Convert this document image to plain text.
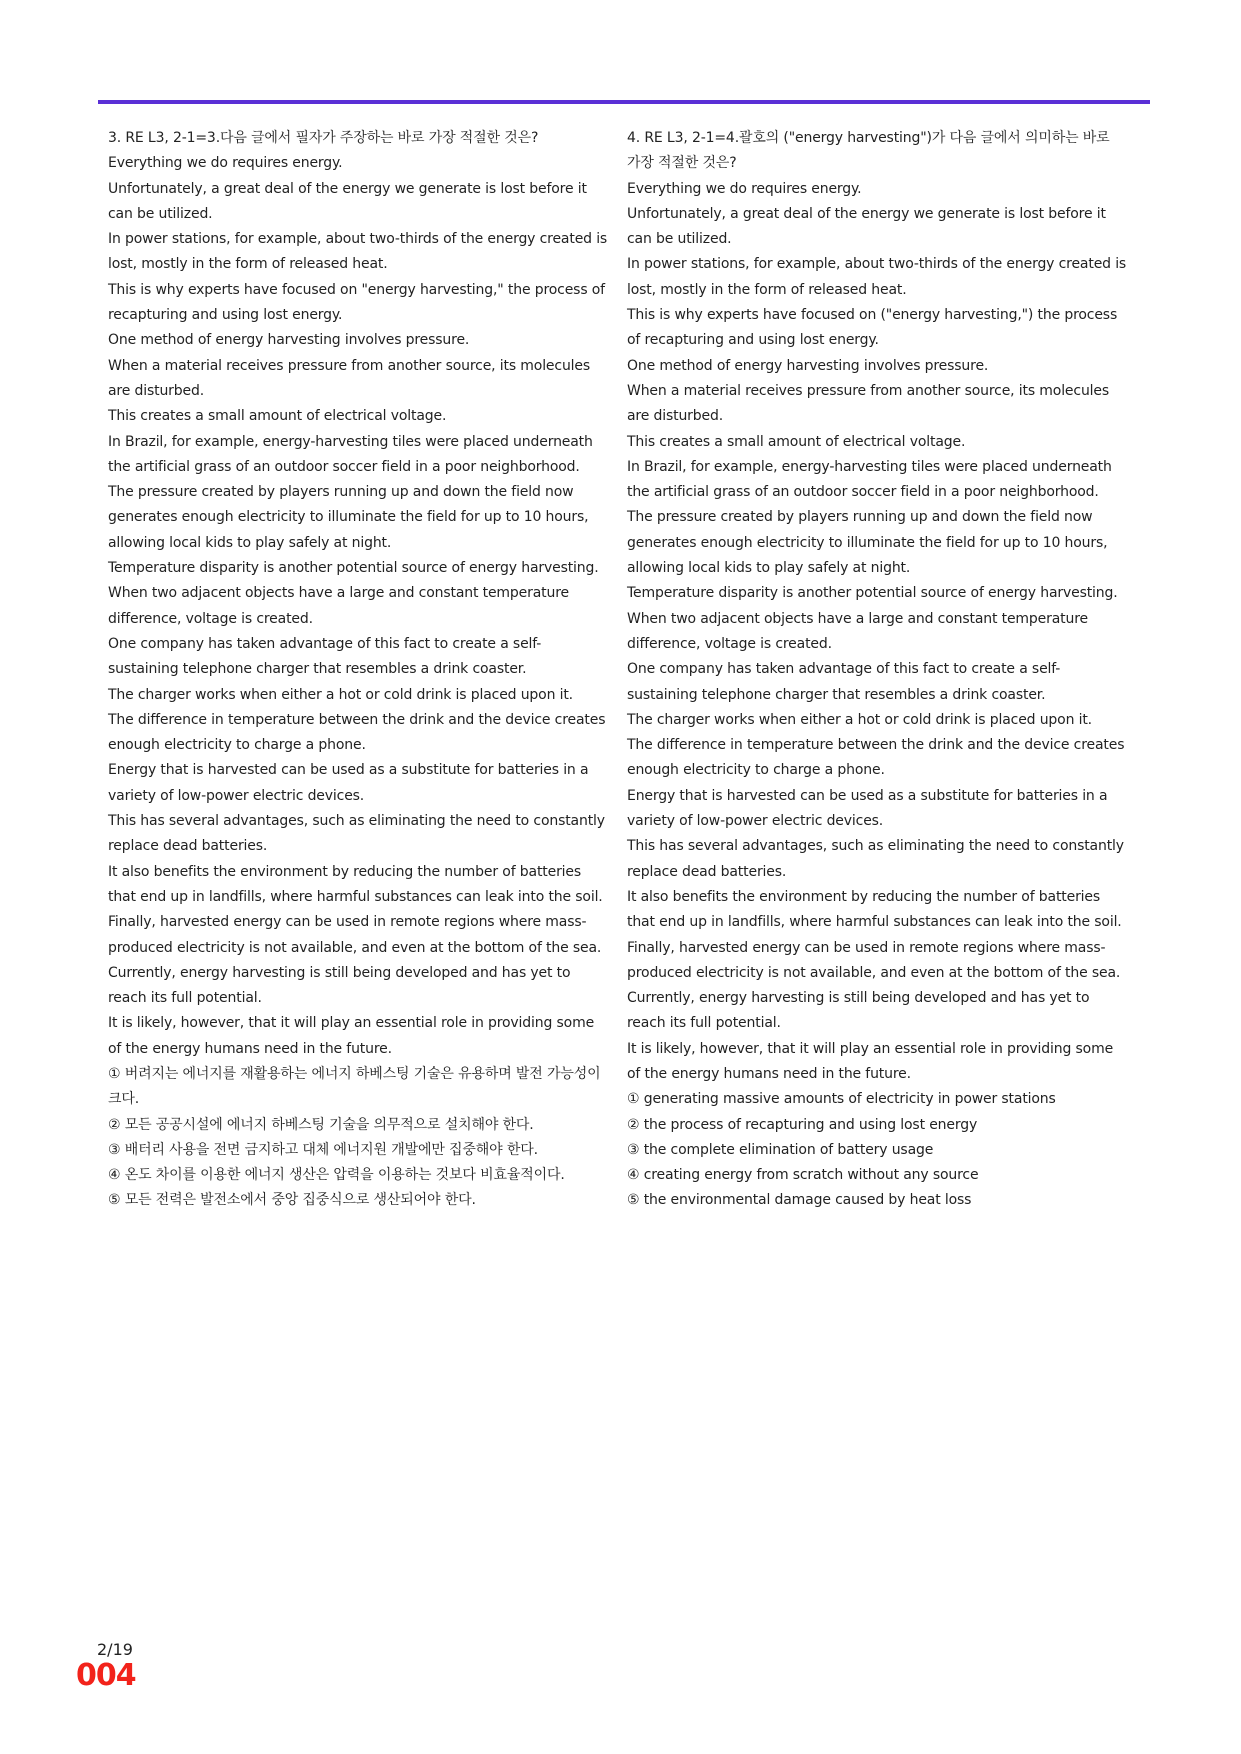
3. RE L3, 2-1=3.다음 글에서 필자가 주장하는 바로 가장 적절한 것은?

Everything we do requires energy.

Unfortunately, a great deal of the energy we generate is lost before it can be utilized.

In power stations, for example, about two-thirds of the energy created is lost, mostly in the form of released heat.

This is why experts have focused on "energy harvesting," the process of recapturing and using lost energy.

One method of energy harvesting involves pressure.

When a material receives pressure from another source, its molecules are disturbed.

This creates a small amount of electrical voltage.

In Brazil, for example, energy-harvesting tiles were placed underneath the artificial grass of an outdoor soccer field in a poor neighborhood.

The pressure created by players running up and down the field now generates enough electricity to illuminate the field for up to 10 hours, allowing local kids to play safely at night.

Temperature disparity is another potential source of energy harvesting.

When two adjacent objects have a large and constant temperature difference, voltage is created.

One company has taken advantage of this fact to create a self-sustaining telephone charger that resembles a drink coaster.

The charger works when either a hot or cold drink is placed upon it.

The difference in temperature between the drink and the device creates enough electricity to charge a phone.

Energy that is harvested can be used as a substitute for batteries in a variety of low-power electric devices.

This has several advantages, such as eliminating the need to constantly replace dead batteries.

It also benefits the environment by reducing the number of batteries that end up in landfills, where harmful substances can leak into the soil.

Finally, harvested energy can be used in remote regions where mass-produced electricity is not available, and even at the bottom of the sea.

Currently, energy harvesting is still being developed and has yet to reach its full potential.

It is likely, however, that it will play an essential role in providing some of the energy humans need in the future.

① 버려지는 에너지를 재활용하는 에너지 하베스팅 기술은 유용하며 발전 가능성이 크다.

② 모든 공공시설에 에너지 하베스팅 기술을 의무적으로 설치해야 한다.

③ 배터리 사용을 전면 금지하고 대체 에너지원 개발에만 집중해야 한다.

④ 온도 차이를 이용한 에너지 생산은 압력을 이용하는 것보다 비효율적이다.

⑤ 모든 전력은 발전소에서 중앙 집중식으로 생산되어야 한다.

4. RE L3, 2-1=4.괄호의 ("energy harvesting")가 다음 글에서 의미하는 바로 가장 적절한 것은?

Everything we do requires energy.

Unfortunately, a great deal of the energy we generate is lost before it can be utilized.

In power stations, for example, about two-thirds of the energy created is lost, mostly in the form of released heat.

This is why experts have focused on ("energy harvesting,") the process of recapturing and using lost energy.

One method of energy harvesting involves pressure.

When a material receives pressure from another source, its molecules are disturbed.

This creates a small amount of electrical voltage.

In Brazil, for example, energy-harvesting tiles were placed underneath the artificial grass of an outdoor soccer field in a poor neighborhood.

The pressure created by players running up and down the field now generates enough electricity to illuminate the field for up to 10 hours, allowing local kids to play safely at night.

Temperature disparity is another potential source of energy harvesting.

When two adjacent objects have a large and constant temperature difference, voltage is created.

One company has taken advantage of this fact to create a self-sustaining telephone charger that resembles a drink coaster.

The charger works when either a hot or cold drink is placed upon it.

The difference in temperature between the drink and the device creates enough electricity to charge a phone.

Energy that is harvested can be used as a substitute for batteries in a variety of low-power electric devices.

This has several advantages, such as eliminating the need to constantly replace dead batteries.

It also benefits the environment by reducing the number of batteries that end up in landfills, where harmful substances can leak into the soil.

Finally, harvested energy can be used in remote regions where mass-produced electricity is not available, and even at the bottom of the sea.

Currently, energy harvesting is still being developed and has yet to reach its full potential.

It is likely, however, that it will play an essential role in providing some of the energy humans need in the future.

① generating massive amounts of electricity in power stations

② the process of recapturing and using lost energy

③ the complete elimination of battery usage

④ creating energy from scratch without any source

⑤ the environmental damage caused by heat loss

2/19
004
